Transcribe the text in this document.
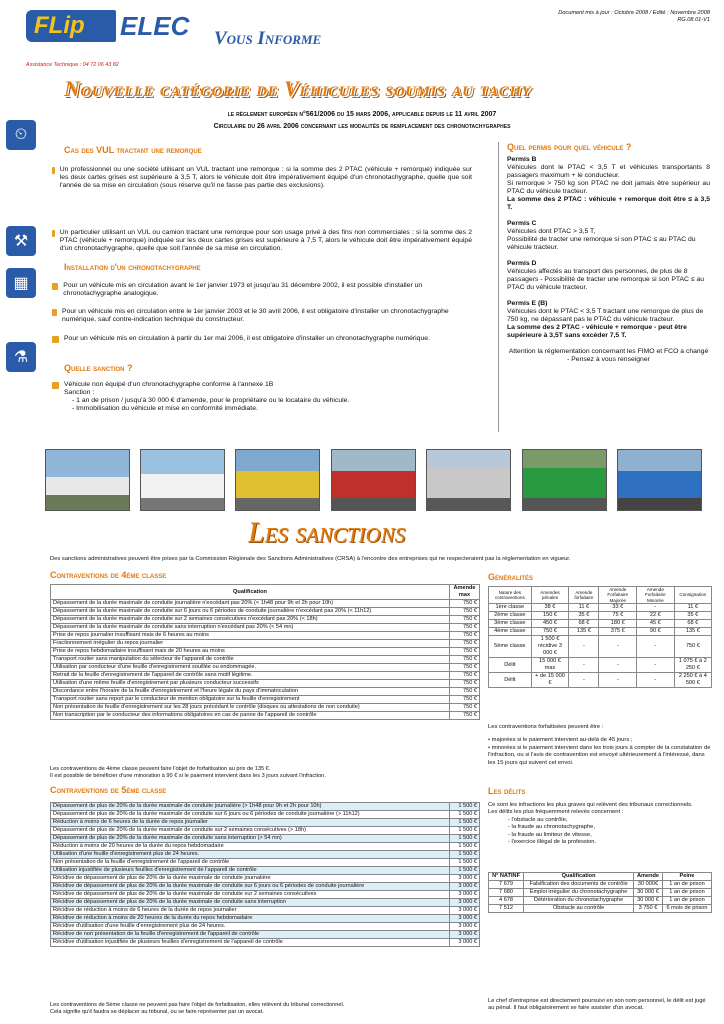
Document mis à jour : Octobre 2008 / Edité : Novembre 2008
RG.08.01-V1
FLip	ELEC
Assistance Technique : 04 72 06 43 82
Vous Informe
Nouvelle catégorie de Véhicules soumis au tachy
le règlement européen n°561/2006 du 15 mars 2006, applicable depuis le 11 avril 2007
Circulaire du 26 avril 2006 concernant les modalités de remplacement des chronotachygraphes
⏲
⚒
▦
⚗
Cas des VUL tractant une remorque
Un professionnel ou une société utilisant un VUL tractant une remorque : si la somme des 2 PTAC (véhicule + remorque) indiquée sur les deux cartes grises est supérieure à 3,5 T, alors le véhicule doit être impérativement équipé d'un chronotachygraphe, quelle que soit l'année de sa mise en circulation (sous réserve qu'il ne fasse pas partie des exclusions).
Un particulier utilisant un VUL ou camion tractant une remorque pour son usage privé à des fins non commerciales : si la somme des 2 PTAC (véhicule + remorque) indiquée sur les deux cartes grises est supérieure à 7,5 T, alors le véhicule doit être impérativement équipé d'un chronotachygraphe, quelle que soit l'année de sa mise en circulation.
Installation d'un chronotachygraphe
Pour un véhicule mis en circulation avant le 1er janvier 1973 et jusqu'au 31 décembre 2002, il est possible d'installer un chronotachygraphe analogique.
Pour un véhicule mis en circulation entre le 1er janvier 2003 et le 30 avril 2006, il est obligatoire d'installer un chronotachygraphe numérique, sauf contre-indication technique du constructeur.
Pour un véhicule mis en circulation à partir du 1er mai 2006, il est obligatoire d'installer un chronotachygraphe numérique.
Quelle sanction ?
Véhicule non équipé d'un chronotachygraphe conforme à l'annexe 1B
Sanction :
- 1 an de prison / jusqu'à 30 000 € d'amende, pour le propriétaire ou le locataire du véhicule.
- Immobilisation du véhicule et mise en conformité immédiate.
Quel permis pour quel véhicule ?
Permis B
Véhicules dont le PTAC < 3,5 T et véhicules transportants 8 passagers maximum + le conducteur.
Si remorque > 750 kg son PTAC ne doit jamais être supérieur au PTAC du véhicule tracteur.
La somme des 2 PTAC : véhicule + remorque doit être ≤ à 3,5 T.
Permis C
Véhicules dont PTAC > 3,5 T,
Possibilité de tracter une remorque si son PTAC ≤ au PTAC du véhicule tracteur.
Permis D
Véhicules affectés au transport des personnes, de plus de 8 passagers - Possibilité de tracter une remorque si son PTAC ≤ au PTAC du véhicule tracteur.
Permis E (B)
Véhicules dont le PTAC < 3,5 T tractant une remorque de plus de 750 kg, ne dépassant pas le PTAC du véhicule tracteur.
La somme des 2 PTAC - véhicule + remorque - peut être supérieure à 3,5T sans excéder 7,5 T.
Attention la réglementation concernant les FIMO et FCO a changé - Pensez à vous renseigner
Les sanctions
Des sanctions administratives peuvent être prises par la Commission Régionale des Sanctions Administratives (CRSA) à l'encontre des entreprises qui ne respecteraient pas la réglementation en vigueur.
Contraventions de 4ème classe
Qualification	Amende max
Dépassement de la durée maximale de conduite journalière n'excédant pas 20% (< 1h48 pour 9h et 2h pour 10h)	750 €
Dépassement de la durée maximale de conduite sur 6 jours ou 6 périodes de conduite journalière n'excédant pas 20% (< 11h12)	750 €
Dépassement de la durée maximale de conduite sur 2 semaines consécutives n'excédant pas 20% (< 18h)	750 €
Dépassement de la durée maximale de conduite sans interruption n'excédant pas 20% (< 54 mn)	750 €
Prise de repos journalier insuffisant mais de 6 heures au moins	750 €
Fractionnement irrégulier du repos journalier	750 €
Prise de repos hebdomadaire insuffisant mais de 20 heures au moins	750 €
Transport routier sans manipulation du sélecteur de l'appareil de contrôle	750 €
Utilisation par conducteur d'une feuille d'enregistrement souillée ou endommagée.	750 €
Retrait de la feuille d'enregistrement de l'appareil de contrôle sans motif légitime.	750 €
Utilisation d'une même feuille d'enregistrement par plusieurs conducteur successifs	750 €
Discordance entre l'horaire de la feuille d'enregistrement et l'heure légale du pays d'immatriculation	750 €
Transport routier sans report par le conducteur de mention obligatoire sur la feuille d'enregistrement	750 €
Non présentation de feuille d'enregistrement sur les 28 jours précédant le contrôle (disques ou attestations de non conduite)	750 €
Non transcription par le conducteur des informations obligatoires en cas de panne de l'appareil de contrôle	750 €
Les contraventions de 4ème classe peuvent faire l'objet de forfaitisation au prix de 135 €.
Il est possible de bénéficier d'une minoration à 90 € si le paiement intervient dans les 3 jours suivant l'infraction.
Contraventions de 5ème classe
Dépassement de plus de 20% de la durée maximale de conduite journalière (> 1h48 pour 9h et 2h pour 10h)	1 500 €
Dépassement de plus de 20% de la durée maximale de conduite sur 6 jours ou 6 périodes de conduite journalière (> 11h12)	1 500 €
Réduction à moins de 6 heures de la durée de repos journalier	1 500 €
Dépassement de plus de 20% de la durée maximale de conduite sur 2 semaines consécutives (> 18h)	1 500 €
Dépassement de plus de 20% de la durée maximale de conduite sans interruption (> 54 mn)	1 500 €
Réduction à moins de 20 heures de la durée du repos hebdomadaire	1 500 €
Utilisation d'une feuille d'enregistrement plus de 24 heures.	1 500 €
Non présentation de la feuille d'enregistrement de l'appareil de contrôle	1 500 €
Utilisation injustifiée de plusieurs feuilles d'enregistrement de l'appareil de contrôle	1 500 €
Récidive de dépassement de plus de 20% de la durée maximale de conduite journalière	3 000 €
Récidive de dépassement de plus de 20% de la durée maximale de conduite sur 6 jours ou 6 périodes de conduite journalière	3 000 €
Récidive de dépassement de plus de 20% de la durée maximale de conduite sur 2 semaines consécutives	3 000 €
Récidive de dépassement de plus de 20% de la durée maximale de conduite sans interruption	3 000 €
Récidive de réduction à moins de 6 heures de la durée de repos journalier	3 000 €
Récidive de réduction à moins de 20 heures de la durée du repos hebdomadaire	3 000 €
Récidive d'utilisation d'une feuille d'enregistrement plus de 24 heures.	3 000 €
Récidive de non présentation de la feuille d'enregistrement de l'appareil de contrôle	3 000 €
Récidive d'utilisation injustifiée de plusieurs feuilles d'enregistrement de l'appareil de contrôle	3 000 €
Les contraventions de 5ème classe ne peuvent pas faire l'objet de forfaitisation, elles relèvent du tribunal correctionnel.
Cela signifie qu'il faudra se déplacer au tribunal, ou se faire représenter par un avocat.
Généralités
Nature des contraventions	Amendes pénales	Amende forfaitaire	Amende Forfaitaire Majorée	Amende Forfaitaire Minorée	Consignation
1ère classe	38 €	11 €	33 €	-	11 €
2ème classe	150 €	35 €	75 €	22 €	35 €
3ème classe	450 €	68 €	180 €	45 €	68 €
4ème classe	750 €	135 €	375 €	90 €	135 €
5ème classe	1 500 € récidive 3 000 €	-	-	-	750 €
Délit	15 000 € max	-	-	-	1 075 € à 2 250 €
Délit	+ de 15 000 €	-	-	-	2 250 € à 4 500 €
Les contraventions forfaitisées peuvent être :
• majorées si le paiement intervient au-delà de 45 jours ;
• minorées si le paiement intervient dans les trois jours à compter de la constatation de l'infraction, ou si l'avis de contravention est envoyé ultérieurement à l'intéressé, dans les 15 jours qui suivent cet envoi.
Les délits
Ce sont les infractions les plus graves qui relèvent des tribunaux correctionnels.
Les délits les plus fréquemment relevés concernent :
- l'obstacle au contrôle,
- la fraude au chronotachygraphe,
- la fraude au limiteur de vitesse,
- l'exercice illégal de la profession.
N° NATINF	Qualification	Amende	Peine
7 679	Falsification des documents de contrôle	30 000€	1 an de prison
7 680	Emploi irrégulier du chronotachygraphe	30 000 €	1 an de prison
4 678	Détérioration du chronotachygraphe	30 000 €	1 an de prison
7 512	Obstacle au contrôle	3 750 €	6 mois de prison
Le chef d'entreprise est directement poursuivi en son nom personnel, le délit est jugé au pénal. Il faut obligatoirement se faire assister d'un avocat.
